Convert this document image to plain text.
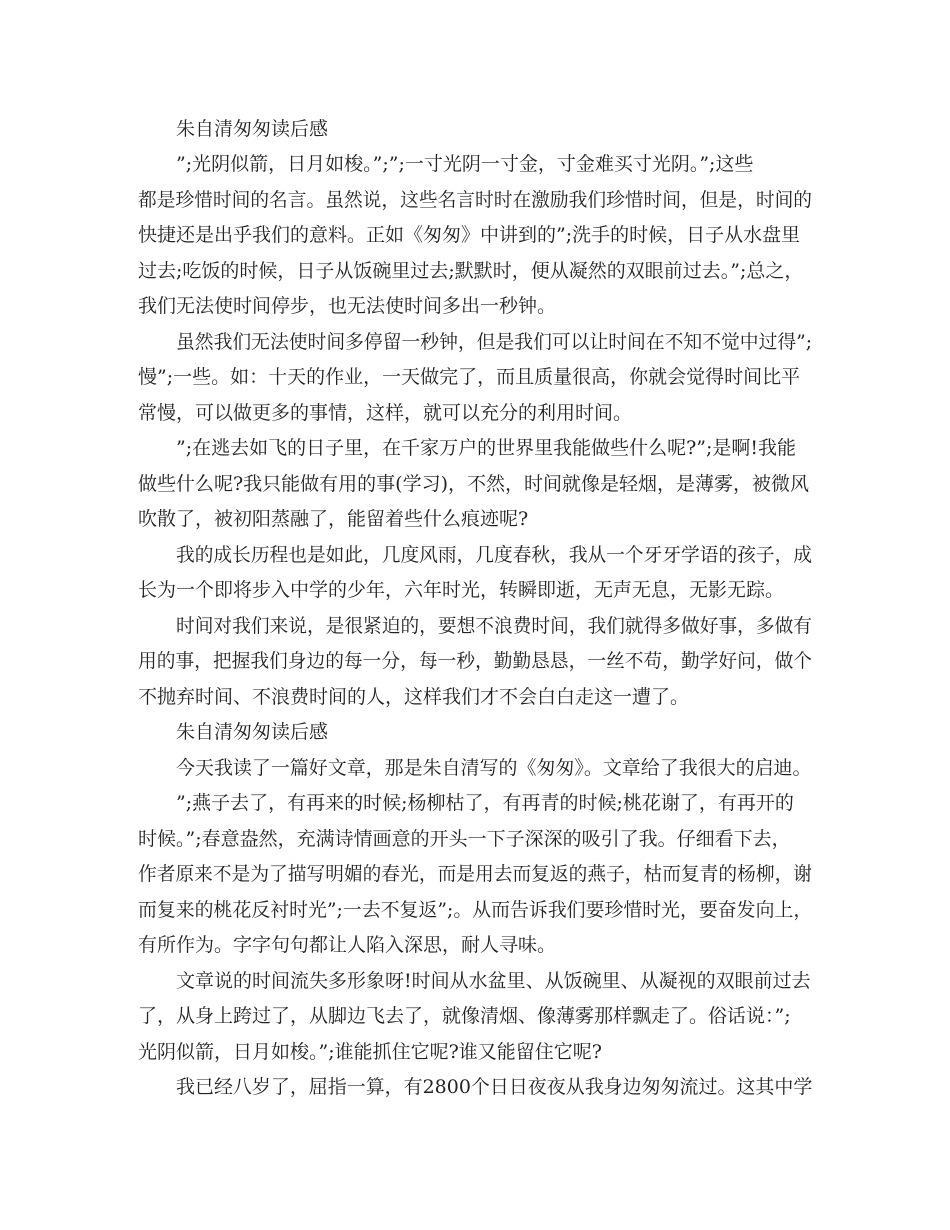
朱自清匆匆读后感
”;光阴似箭，日月如梭。”;”;一寸光阴一寸金，寸金难买寸光阴。”;这些
都是珍惜时间的名言。虽然说，这些名言时时在激励我们珍惜时间，但是，时间的
快捷还是出乎我们的意料。正如《匆匆》中讲到的”;洗手的时候，日子从水盘里
过去;吃饭的时候，日子从饭碗里过去;默默时，便从凝然的双眼前过去。”;总之，
我们无法使时间停步，也无法使时间多出一秒钟。
虽然我们无法使时间多停留一秒钟，但是我们可以让时间在不知不觉中过得”;
慢”;一些。如：十天的作业，一天做完了，而且质量很高，你就会觉得时间比平
常慢，可以做更多的事情，这样，就可以充分的利用时间。
”;在逃去如飞的日子里，在千家万户的世界里我能做些什么呢?”;是啊!我能
做些什么呢?我只能做有用的事(学习)，不然，时间就像是轻烟，是薄雾，被微风
吹散了，被初阳蒸融了，能留着些什么痕迹呢?
我的成长历程也是如此，几度风雨，几度春秋，我从一个牙牙学语的孩子，成
长为一个即将步入中学的少年，六年时光，转瞬即逝，无声无息，无影无踪。
时间对我们来说，是很紧迫的，要想不浪费时间，我们就得多做好事，多做有
用的事，把握我们身边的每一分，每一秒，勤勤恳恳，一丝不苟，勤学好问，做个
不抛弃时间、不浪费时间的人，这样我们才不会白白走这一遭了。
朱自清匆匆读后感
今天我读了一篇好文章，那是朱自清写的《匆匆》。文章给了我很大的启迪。
”;燕子去了，有再来的时候;杨柳枯了，有再青的时候;桃花谢了，有再开的
时候。”;春意盎然，充满诗情画意的开头一下子深深的吸引了我。仔细看下去，
作者原来不是为了描写明媚的春光，而是用去而复返的燕子，枯而复青的杨柳，谢
而复来的桃花反衬时光”;一去不复返”;。从而告诉我们要珍惜时光，要奋发向上，
有所作为。字字句句都让人陷入深思，耐人寻味。
文章说的时间流失多形象呀!时间从水盆里、从饭碗里、从凝视的双眼前过去
了，从身上跨过了，从脚边飞去了，就像清烟、像薄雾那样飘走了。俗话说：”;
光阴似箭，日月如梭。”;谁能抓住它呢?谁又能留住它呢?
我已经八岁了，屈指一算，有2800个日日夜夜从我身边匆匆流过。这其中学
